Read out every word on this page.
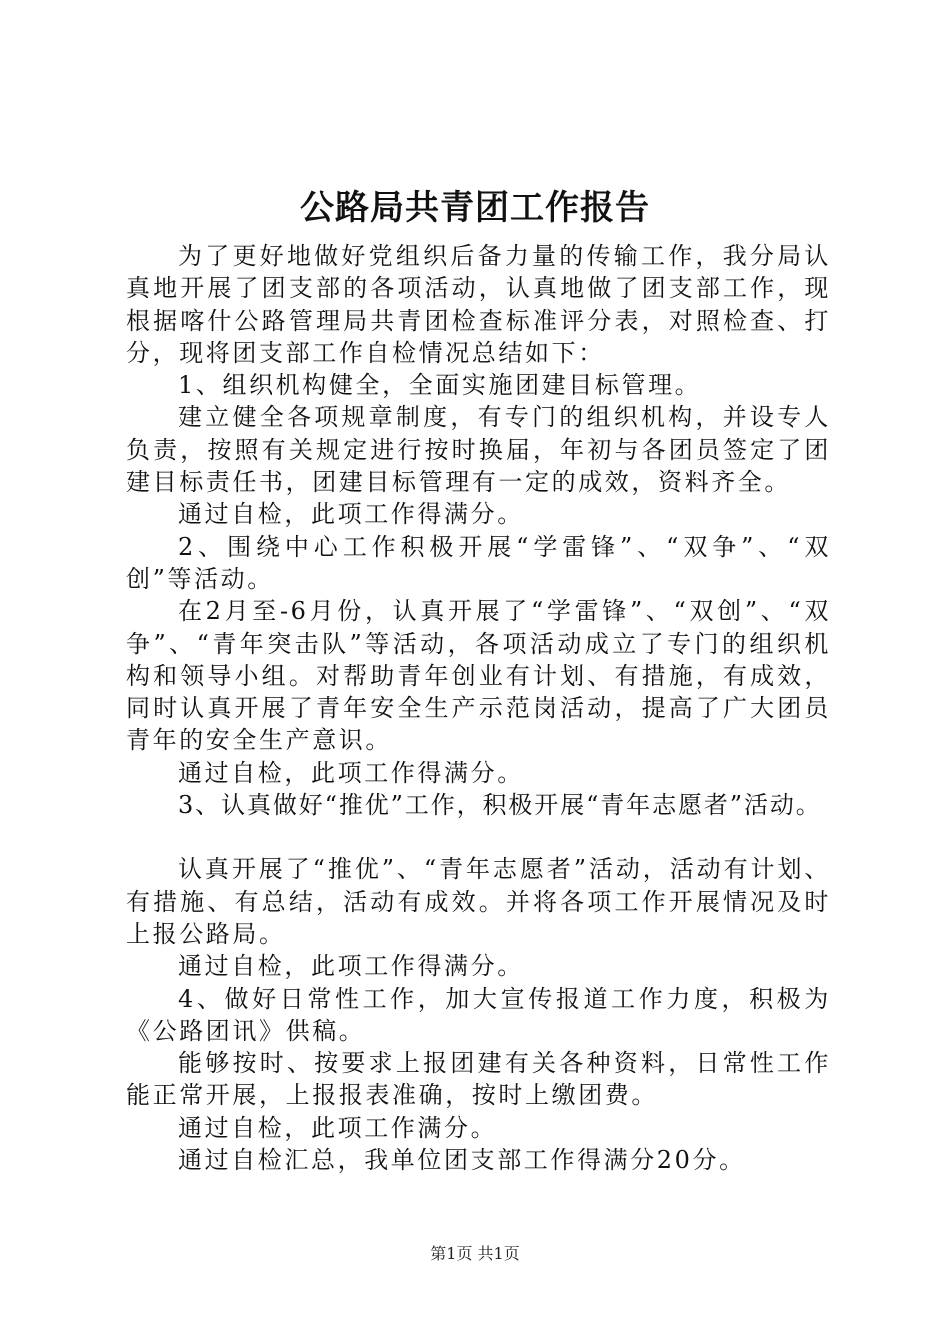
公路局共青团工作报告

为了更好地做好党组织后备力量的传输工作，我分局认真地开展了团支部的各项活动，认真地做了团支部工作，现根据喀什公路管理局共青团检查标准评分表，对照检查、打分，现将团支部工作自检情况总结如下：

1、组织机构健全，全面实施团建目标管理。

建立健全各项规章制度，有专门的组织机构，并设专人负责，按照有关规定进行按时换届，年初与各团员签定了团建目标责任书，团建目标管理有一定的成效，资料齐全。

通过自检，此项工作得满分。

2、围绕中心工作积极开展“学雷锋”、“双争”、“双创”等活动。

在2月至-6月份，认真开展了“学雷锋”、“双创”、“双争”、“青年突击队”等活动，各项活动成立了专门的组织机构和领导小组。对帮助青年创业有计划、有措施，有成效，同时认真开展了青年安全生产示范岗活动，提高了广大团员青年的安全生产意识。

通过自检，此项工作得满分。

3、认真做好“推优”工作，积极开展“青年志愿者”活动。

认真开展了“推优”、“青年志愿者”活动，活动有计划、有措施、有总结，活动有成效。并将各项工作开展情况及时上报公路局。

通过自检，此项工作得满分。

4、做好日常性工作，加大宣传报道工作力度，积极为《公路团讯》供稿。

能够按时、按要求上报团建有关各种资料，日常性工作能正常开展，上报报表准确，按时上缴团费。

通过自检，此项工作满分。

通过自检汇总，我单位团支部工作得满分20分。

第1页 共1页
